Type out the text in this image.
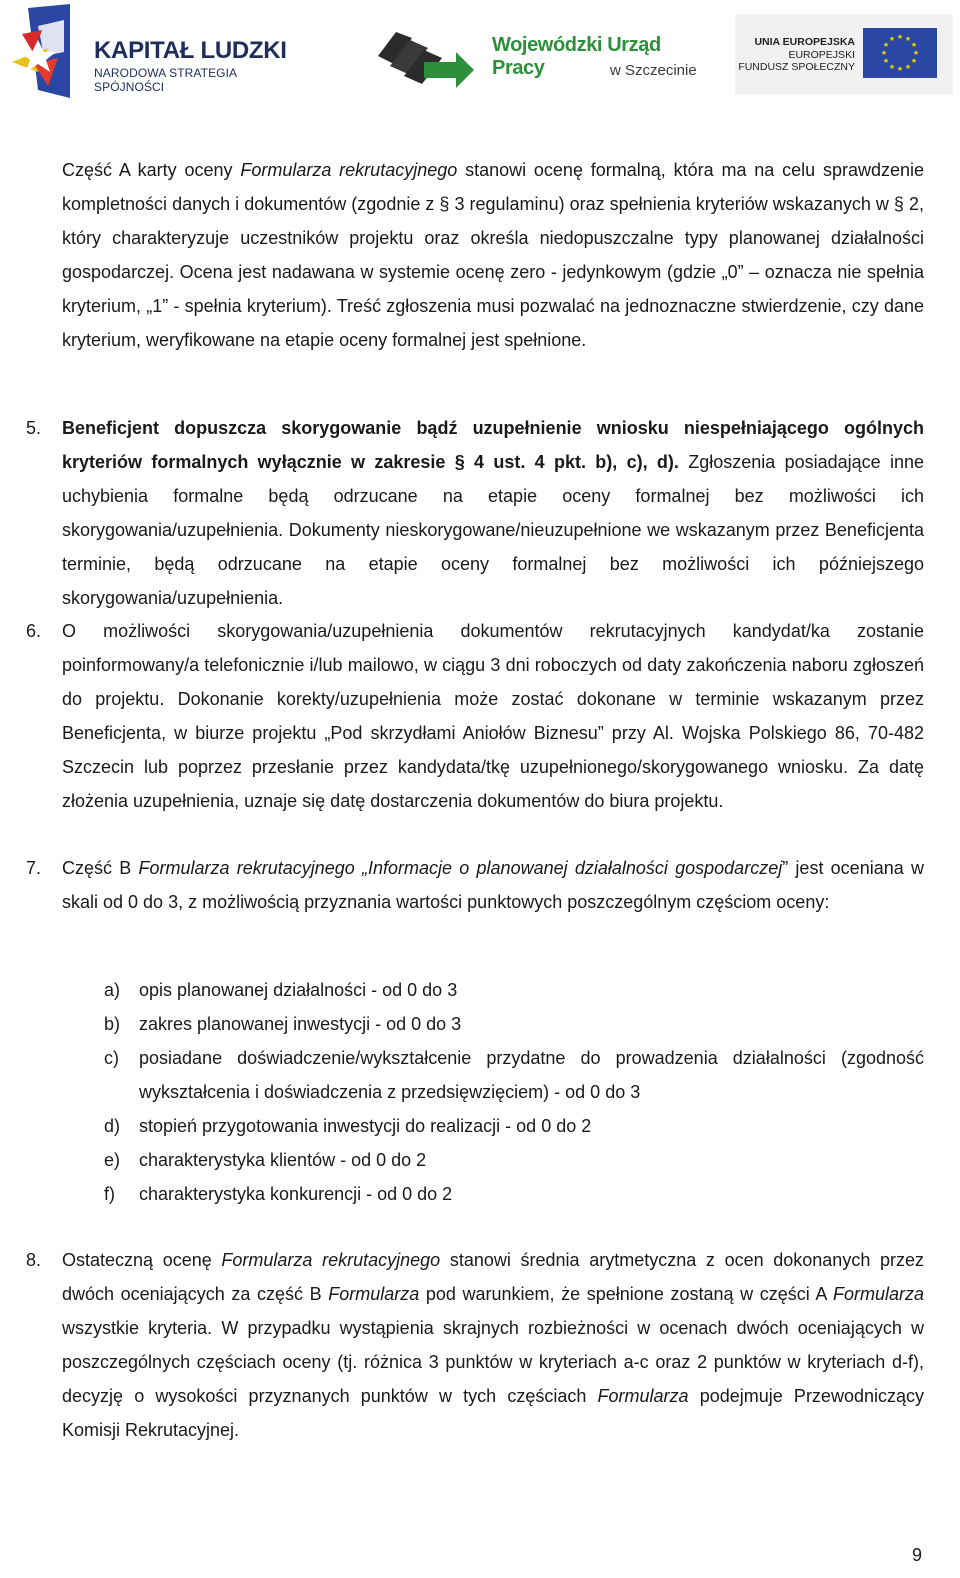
KAPITAŁ LUDZKI
NARODOWA STRATEGIA SPÓJNOŚCI
Wojewódzki Urząd Pracy	w Szczecinie
UNIA EUROPEJSKA
EUROPEJSKI
FUNDUSZ SPOŁECZNY
★ ★
★
★
★
★
★
★
★
★
★
★
Część A karty oceny Formularza rekrutacyjnego stanowi ocenę formalną, która ma na celu sprawdzenie kompletności danych i dokumentów (zgodnie z § 3 regulaminu) oraz spełnienia kryteriów wskazanych w § 2, który charakteryzuje uczestników projektu oraz określa niedopuszczalne typy planowanej działalności gospodarczej. Ocena jest nadawana w systemie ocenę zero - jedynkowym (gdzie „0” – oznacza nie spełnia kryterium, „1” - spełnia kryterium). Treść zgłoszenia musi pozwalać na jednoznaczne stwierdzenie, czy dane kryterium, weryfikowane na etapie oceny formalnej jest spełnione.
5. Beneficjent dopuszcza skorygowanie bądź uzupełnienie wniosku niespełniającego ogólnych kryteriów formalnych wyłącznie w zakresie § 4 ust. 4 pkt. b), c), d). Zgłoszenia posiadające inne uchybienia formalne będą odrzucane na etapie oceny formalnej bez możliwości ich skorygowania/uzupełnienia. Dokumenty nieskorygowane/nieuzupełnione we wskazanym przez Beneficjenta terminie, będą odrzucane na etapie oceny formalnej bez możliwości ich późniejszego skorygowania/uzupełnienia.
6. O możliwości skorygowania/uzupełnienia dokumentów rekrutacyjnych kandydat/ka zostanie poinformowany/a telefonicznie i/lub mailowo, w ciągu 3 dni roboczych od daty zakończenia naboru zgłoszeń do projektu. Dokonanie korekty/uzupełnienia może zostać dokonane w terminie wskazanym przez Beneficjenta, w biurze projektu „Pod skrzydłami Aniołów Biznesu” przy Al. Wojska Polskiego 86, 70-482 Szczecin lub poprzez przesłanie przez kandydata/tkę uzupełnionego/skorygowanego wniosku. Za datę złożenia uzupełnienia, uznaje się datę dostarczenia dokumentów do biura projektu.
7. Część B Formularza rekrutacyjnego „Informacje o planowanej działalności gospodarczej” jest oceniana w skali od 0 do 3, z możliwością przyznania wartości punktowych poszczególnym częściom oceny:
a) opis planowanej działalności - od 0 do 3
b) zakres planowanej inwestycji - od 0 do 3
c) posiadane doświadczenie/wykształcenie przydatne do prowadzenia działalności (zgodność wykształcenia i doświadczenia z przedsięwzięciem) - od 0 do 3
d) stopień przygotowania inwestycji do realizacji - od 0 do 2
e) charakterystyka klientów - od 0 do 2
f) charakterystyka konkurencji - od 0 do 2
8. Ostateczną ocenę Formularza rekrutacyjnego stanowi średnia arytmetyczna z ocen dokonanych przez dwóch oceniających za część B Formularza pod warunkiem, że spełnione zostaną w części A Formularza wszystkie kryteria. W przypadku wystąpienia skrajnych rozbieżności w ocenach dwóch oceniających w poszczególnych częściach oceny (tj. różnica 3 punktów w kryteriach a-c oraz 2 punktów w kryteriach d-f), decyzję o wysokości przyznanych punktów w tych częściach Formularza podejmuje Przewodniczący Komisji Rekrutacyjnej.
9
